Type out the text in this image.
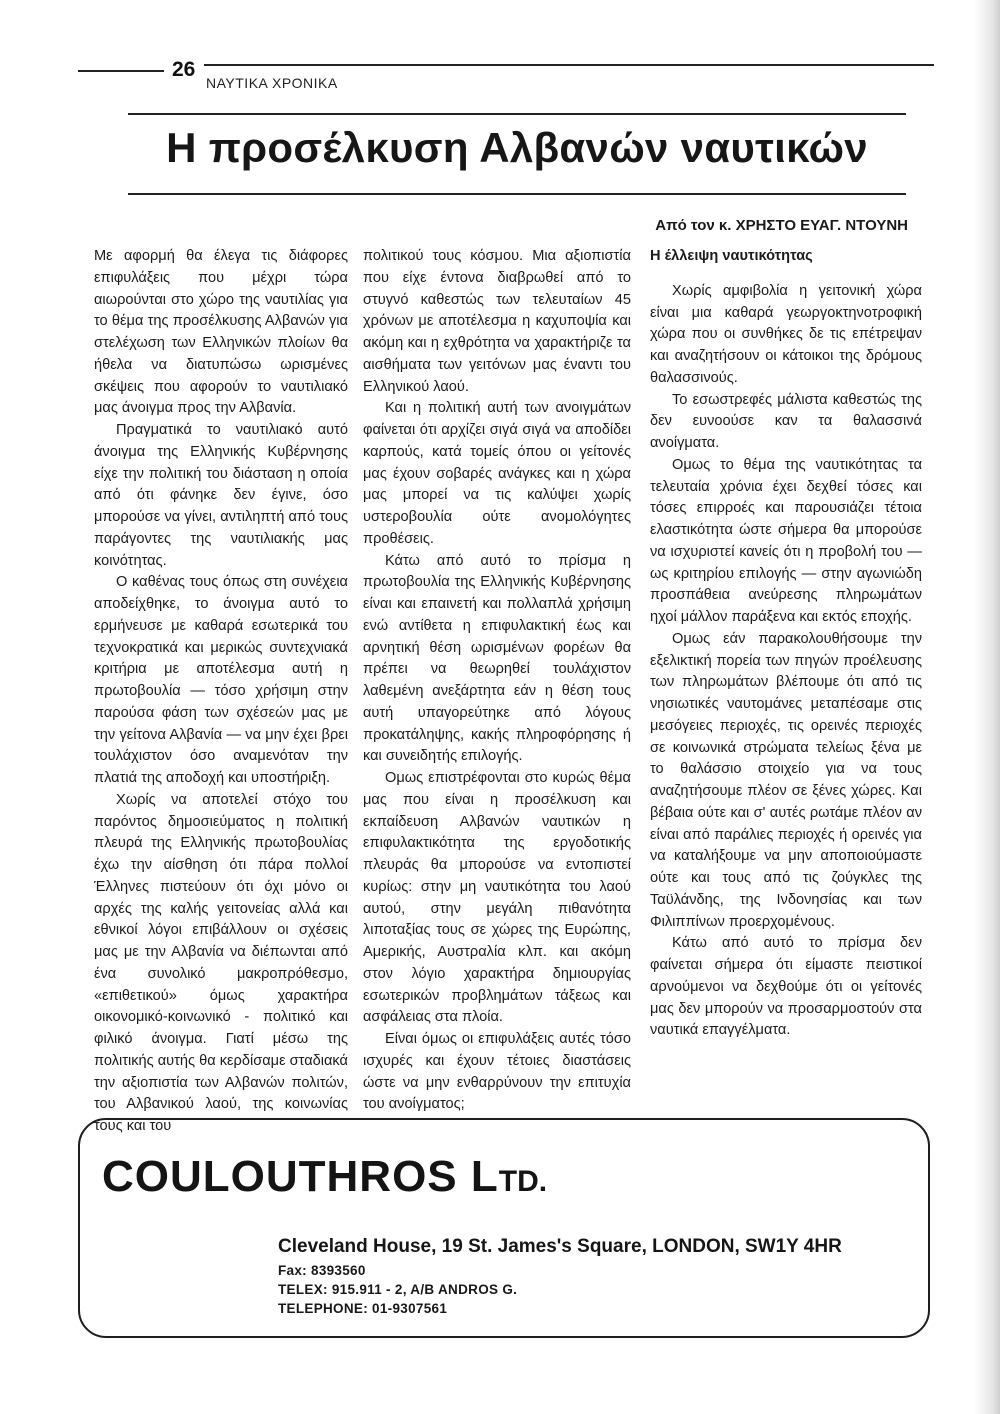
26
ΝΑΥΤΙΚΑ ΧΡΟΝΙΚΑ
Η προσέλκυση Αλβανών ναυτικών
Από τον κ. ΧΡΗΣΤΟ ΕΥΑΓ. ΝΤΟΥΝΗ

Με αφορμή θα έλεγα τις διάφορες επιφυλάξεις που μέχρι τώρα αιωρούνται στο χώρο της ναυτιλίας για το θέμα της προσέλκυσης Αλβανών για στελέχωση των Ελληνικών πλοίων θα ήθελα να διατυπώσω ωρισμένες σκέψεις που αφορούν το ναυτιλιακό μας άνοιγμα προς την Αλβανία.

Πραγματικά το ναυτιλιακό αυτό άνοιγμα της Ελληνικής Κυβέρνησης είχε την πολιτική του διάσταση η οποία από ότι φάνηκε δεν έγινε, όσο μπορούσε να γίνει, αντιληπτή από τους παράγοντες της ναυτιλιακής μας κοινότητας.

Ο καθένας τους όπως στη συνέχεια αποδείχθηκε, το άνοιγμα αυτό το ερμήνευσε με καθαρά εσωτερικά του τεχνοκρατικά και μερικώς συντεχνιακά κριτήρια με αποτέλεσμα αυτή η πρωτοβουλία — τόσο χρήσιμη στην παρούσα φάση των σχέσεών μας με την γείτονα Αλβανία — να μην έχει βρει τουλάχιστον όσο αναμενόταν την πλατιά της αποδοχή και υποστήριξη.

Χωρίς να αποτελεί στόχο του παρόντος δημοσιεύματος η πολιτική πλευρά της Ελληνικής πρωτοβουλίας έχω την αίσθηση ότι πάρα πολλοί Έλληνες πιστεύουν ότι όχι μόνο οι αρχές της καλής γειτονείας αλλά και εθνικοί λόγοι επιβάλλουν οι σχέσεις μας με την Αλβανία να διέπωνται από ένα συνολικό μακροπρόθεσμο, «επιθετικού» όμως χαρακτήρα οικονομικό-κοινωνικό - πολιτικό και φιλικό άνοιγμα. Γιατί μέσω της πολιτικής αυτής θα κερδίσαμε σταδιακά την αξιοπιστία των Αλβανών πολιτών, του Αλβανικού λαού, της κοινωνίας τους και του

πολιτικού τους κόσμου. Μια αξιοπιστία που είχε έντονα διαβρωθεί από το στυγνό καθεστώς των τελευταίων 45 χρόνων με αποτέλεσμα η καχυποψία και ακόμη και η εχθρότητα να χαρακτήριζε τα αισθήματα των γειτόνων μας έναντι του Ελληνικού λαού.

Και η πολιτική αυτή των ανοιγμάτων φαίνεται ότι αρχίζει σιγά σιγά να αποδίδει καρπούς, κατά τομείς όπου οι γείτονές μας έχουν σοβαρές ανάγκες και η χώρα μας μπορεί να τις καλύψει χωρίς υστεροβουλία ούτε ανομολόγητες προθέσεις.

Κάτω από αυτό το πρίσμα η πρωτοβουλία της Ελληνικής Κυβέρνησης είναι και επαινετή και πολλαπλά χρήσιμη ενώ αντίθετα η επιφυλακτική έως και αρνητική θέση ωρισμένων φορέων θα πρέπει να θεωρηθεί τουλάχιστον λαθεμένη ανεξάρτητα εάν η θέση τους αυτή υπαγορεύτηκε από λόγους προκατάληψης, κακής πληροφόρησης ή και συνειδητής επιλογής.

Ομως επιστρέφονται στο κυρώς θέμα μας που είναι η προσέλκυση και εκπαίδευση Αλβανών ναυτικών η επιφυλακτικότητα της εργοδοτικής πλευράς θα μπορούσε να εντοπιστεί κυρίως: στην μη ναυτικότητα του λαού αυτού, στην μεγάλη πιθανότητα λιποταξίας τους σε χώρες της Ευρώπης, Αμερικής, Αυστραλία κλπ. και ακόμη στον λόγιο χαρακτήρα δημιουργίας εσωτερικών προβλημάτων τάξεως και ασφάλειας στα πλοία.

Είναι όμως οι επιφυλάξεις αυτές τόσο ισχυρές και έχουν τέτοιες διαστάσεις ώστε να μην ενθαρρύνουν την επιτυχία του ανοίγματος;

Η έλλειψη ναυτικότητας

Χωρίς αμφιβολία η γειτονική χώρα είναι μια καθαρά γεωργοκτηνοτροφική χώρα που οι συνθήκες δε τις επέτρεψαν και αναζητήσουν οι κάτοικοι της δρόμους θαλασσινούς.

Το εσωστρεφές μάλιστα καθεστώς της δεν ευνοούσε καν τα θαλασσινά ανοίγματα.

Ομως το θέμα της ναυτικότητας τα τελευταία χρόνια έχει δεχθεί τόσες και τόσες επιρροές και παρουσιάζει τέτοια ελαστικότητα ώστε σήμερα θα μπορούσε να ισχυριστεί κανείς ότι η προβολή του — ως κριτηρίου επιλογής — στην αγωνιώδη προσπάθεια ανεύρεσης πληρωμάτων ηχοί μάλλον παράξενα και εκτός εποχής.

Ομως εάν παρακολουθήσουμε την εξελικτική πορεία των πηγών προέλευσης των πληρωμάτων βλέπουμε ότι από τις νησιωτικές ναυτομάνες μεταπέσαμε στις μεσόγειες περιοχές, τις ορεινές περιοχές σε κοινωνικά στρώματα τελείως ξένα με το θαλάσσιο στοιχείο για να τους αναζητήσουμε πλέον σε ξένες χώρες. Και βέβαια ούτε και σ' αυτές ρωτάμε πλέον αν είναι από παράλιες περιοχές ή ορεινές για να καταλήξουμε να μην αποποιούμαστε ούτε και τους από τις ζούγκλες της Ταϋλάνδης, της Ινδονησίας και των Φιλιππίνων προερχομένους.

Κάτω από αυτό το πρίσμα δεν φαίνεται σήμερα ότι είμαστε πειστικοί αρνούμενοι να δεχθούμε ότι οι γείτονές μας δεν μπορούν να προσαρμοστούν στα ναυτικά επαγγέλματα.

COULOUTHROS LTD.
Cleveland House, 19 St. James's Square, LONDON, SW1Y 4HR
Fax: 8393560
TELEX: 915.911 - 2, A/B ANDROS G.
TELEPHONE: 01-9307561
